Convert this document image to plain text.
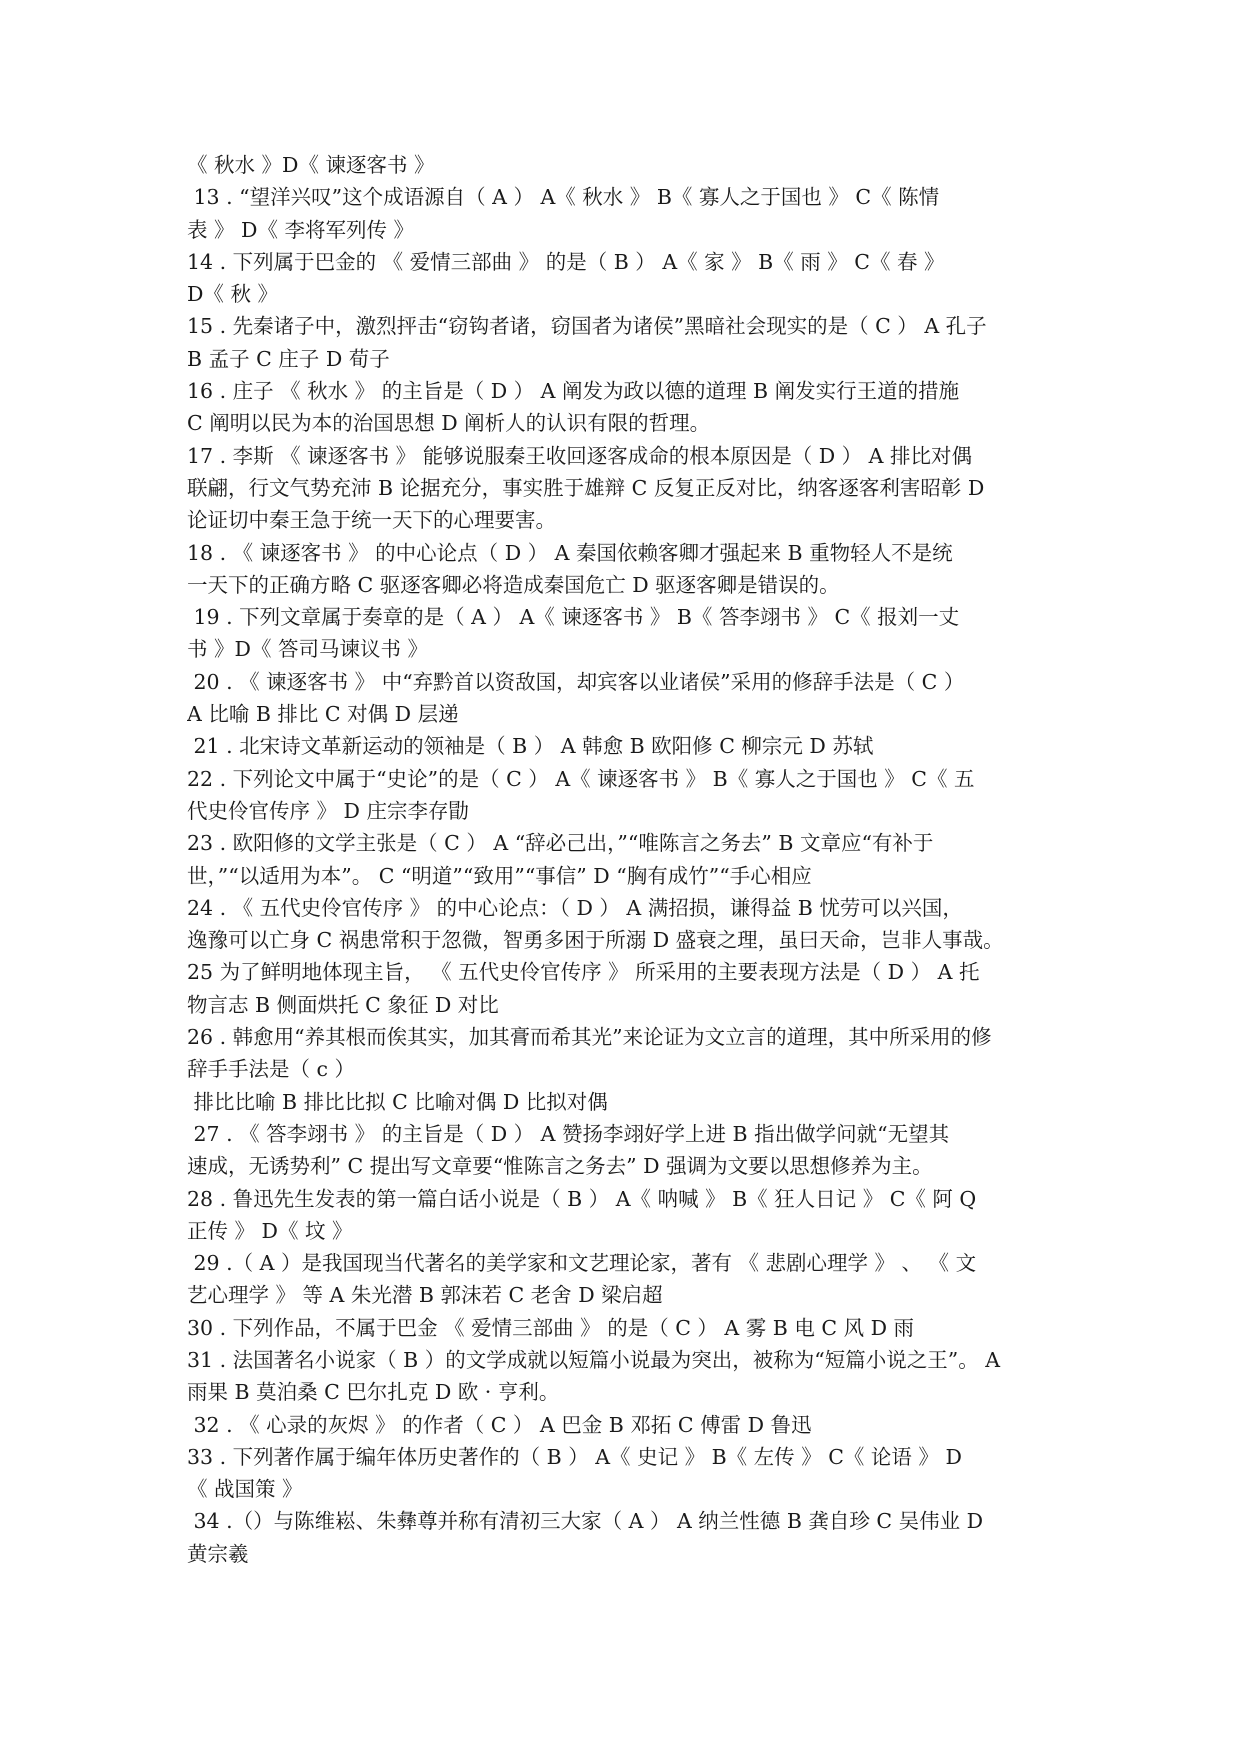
《 秋水 》D《 谏逐客书 》
13 . “望洋兴叹”这个成语源自（ A ） A《 秋水 》 B《 寡人之于国也 》 C《 陈情
表 》 D《 李将军列传 》
14 . 下列属于巴金的 《 爱情三部曲 》 的是（ B ） A《 家 》 B《 雨 》 C《 春 》
D《 秋 》
15 . 先秦诸子中，激烈抨击“窃钩者诸，窃国者为诸侯”黑暗社会现实的是（ C ） A 孔子
B 孟子 C 庄子 D 荀子
16 . 庄子 《 秋水 》 的主旨是（ D ） A 阐发为政以德的道理 B 阐发实行王道的措施
C 阐明以民为本的治国思想 D 阐析人的认识有限的哲理。
17 . 李斯 《 谏逐客书 》 能够说服秦王收回逐客成命的根本原因是（ D ） A 排比对偶
联翩，行文气势充沛 B 论据充分，事实胜于雄辩 C 反复正反对比，纳客逐客利害昭彰 D
论证切中秦王急于统一天下的心理要害。
18 . 《 谏逐客书 》 的中心论点（ D ） A 秦国依赖客卿才强起来 B 重物轻人不是统
一天下的正确方略 C 驱逐客卿必将造成秦国危亡 D 驱逐客卿是错误的。
19 . 下列文章属于奏章的是（ A ） A《 谏逐客书 》 B《 答李翊书 》 C《 报刘一丈
书 》D《 答司马谏议书 》
20 . 《 谏逐客书 》 中“弃黔首以资敌国，却宾客以业诸侯”采用的修辞手法是（ C ）
A 比喻 B 排比 C 对偶 D 层递
21 . 北宋诗文革新运动的领袖是（ B ） A 韩愈 B 欧阳修 C 柳宗元 D 苏轼
22 . 下列论文中属于“史论”的是（ C ） A《 谏逐客书 》 B《 寡人之于国也 》 C《 五
代史伶官传序 》 D 庄宗李存勖
23 . 欧阳修的文学主张是（ C ） A “辞必己出，”“唯陈言之务去” B 文章应“有补于
世，”“以适用为本”。 C “明道”“致用”“事信” D “胸有成竹”“手心相应
24 . 《 五代史伶官传序 》 的中心论点：（ D ） A 满招损，谦得益 B 忧劳可以兴国，
逸豫可以亡身 C 祸患常积于忽微，智勇多困于所溺 D 盛衰之理，虽曰天命，岂非人事哉。
25 为了鲜明地体现主旨， 《 五代史伶官传序 》 所采用的主要表现方法是（ D ） A 托
物言志 B 侧面烘托 C 象征 D 对比
26 . 韩愈用“养其根而俟其实，加其膏而希其光”来论证为文立言的道理，其中所采用的修
辞手手法是（ c ）
排比比喻 B 排比比拟 C 比喻对偶 D 比拟对偶
27 . 《 答李翊书 》 的主旨是（ D ） A 赞扬李翊好学上进 B 指出做学问就“无望其
速成，无诱势利” C 提出写文章要“惟陈言之务去” D 强调为文要以思想修养为主。
28 . 鲁迅先生发表的第一篇白话小说是（ B ） A《 呐喊 》 B《 狂人日记 》 C《 阿 Q
正传 》 D《 坟 》
29 .（ A ）是我国现当代著名的美学家和文艺理论家，著有 《 悲剧心理学 》 、 《 文
艺心理学 》 等 A 朱光潜 B 郭沫若 C 老舍 D 梁启超
30 . 下列作品，不属于巴金 《 爱情三部曲 》 的是（ C ） A 雾 B 电 C 风 D 雨
31 . 法国著名小说家（ B ）的文学成就以短篇小说最为突出，被称为“短篇小说之王”。 A
雨果 B 莫泊桑 C 巴尔扎克 D 欧 · 亨利。
32 . 《 心录的灰烬 》 的作者（ C ） A 巴金 B 邓拓 C 傅雷 D 鲁迅
33 . 下列著作属于编年体历史著作的（ B ） A《 史记 》 B《 左传 》 C《 论语 》 D
《 战国策 》
34 .（）与陈维崧、朱彝尊并称有清初三大家（ A ） A 纳兰性德 B 龚自珍 C 吴伟业 D
黄宗羲
